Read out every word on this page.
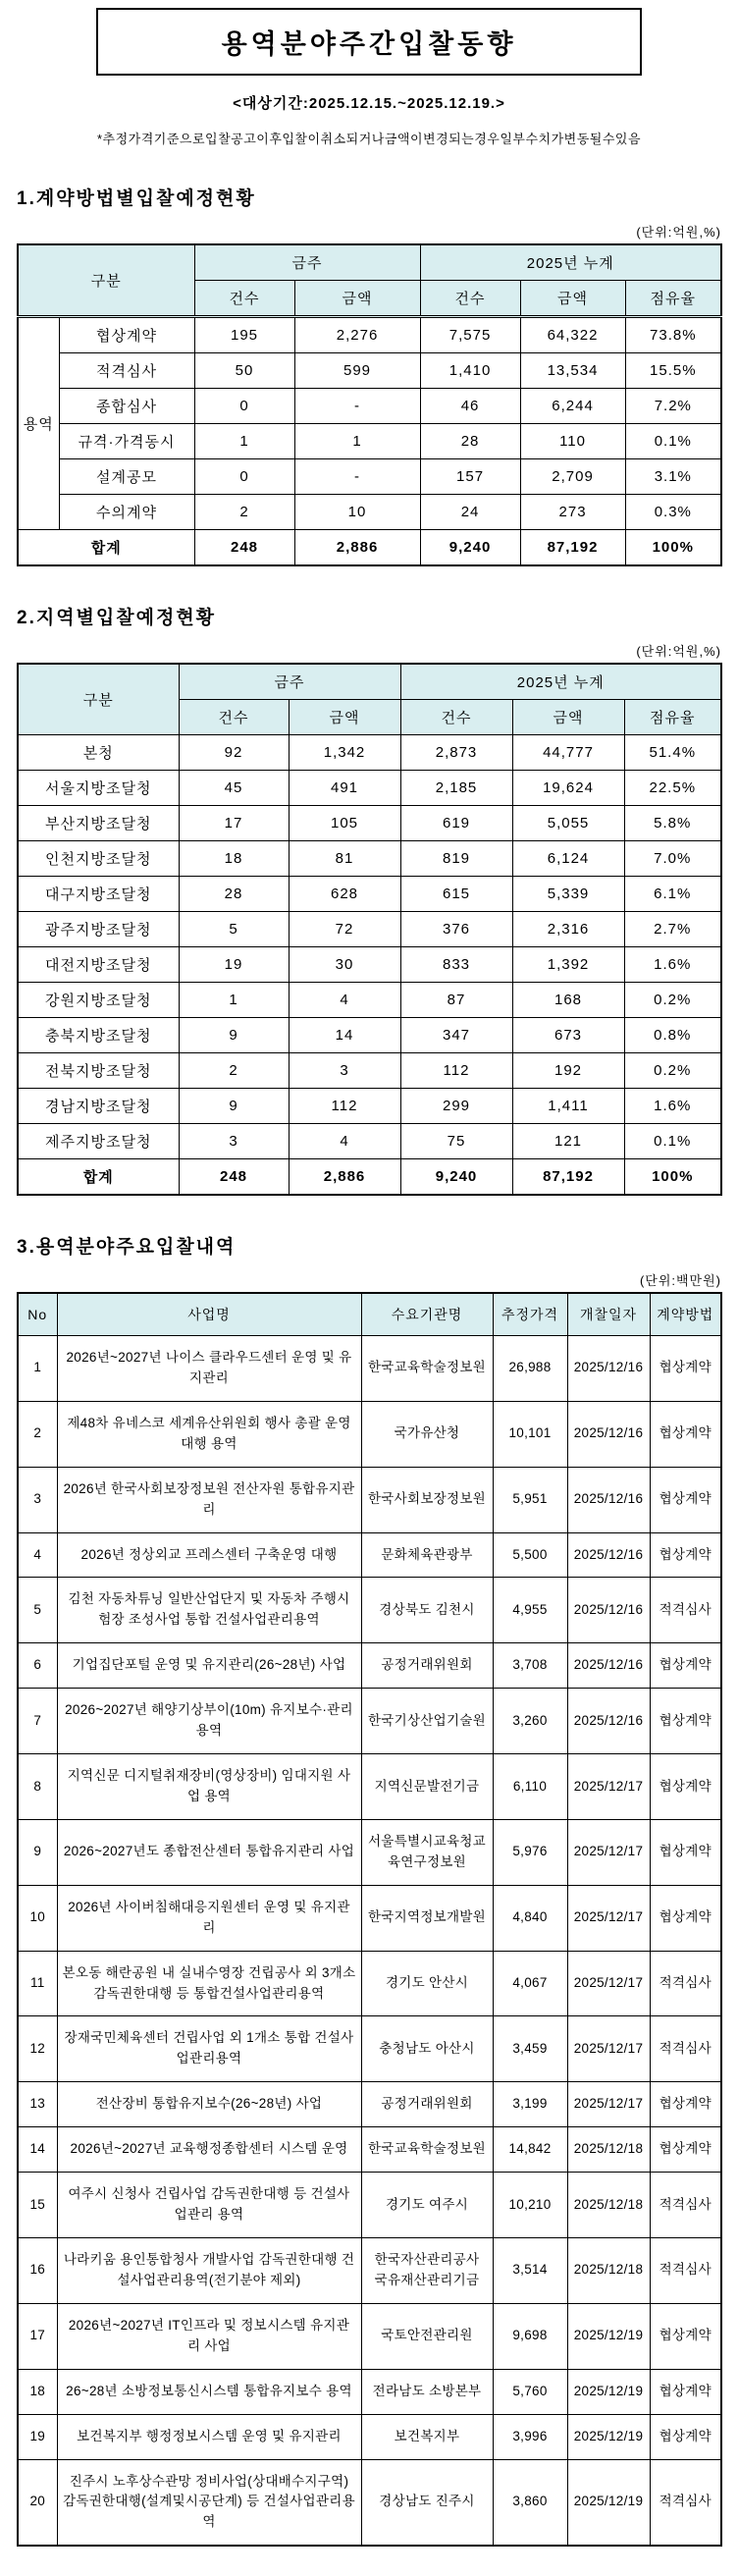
용역분야주간입찰동향
<대상기간:2025.12.15.~2025.12.19.>
*추정가격기준으로입찰공고이후입찰이취소되거나금액이변경되는경우일부수치가변동될수있음
1.계약방법별입찰예정현황
(단위:억원,%)
구분		금주		2025년 누계		
		건수	금액	건수	금액	점유율
용역	협상계약	195	2,276	7,575	64,322	73.8%
	적격심사	50	599	1,410	13,534	15.5%
	종합심사	0	-	46	6,244	7.2%
	규격·가격동시	1	1	28	110	0.1%
	설계공모	0	-	157	2,709	3.1%
	수의계약	2	10	24	273	0.3%
합계		248	2,886	9,240	87,192	100%
2.지역별입찰예정현황
(단위:억원,%)
구분	금주		2025년 누계		
	건수	금액	건수	금액	점유율
본청	92	1,342	2,873	44,777	51.4%
서울지방조달청	45	491	2,185	19,624	22.5%
부산지방조달청	17	105	619	5,055	5.8%
인천지방조달청	18	81	819	6,124	7.0%
대구지방조달청	28	628	615	5,339	6.1%
광주지방조달청	5	72	376	2,316	2.7%
대전지방조달청	19	30	833	1,392	1.6%
강원지방조달청	1	4	87	168	0.2%
충북지방조달청	9	14	347	673	0.8%
전북지방조달청	2	3	112	192	0.2%
경남지방조달청	9	112	299	1,411	1.6%
제주지방조달청	3	4	75	121	0.1%
합계	248	2,886	9,240	87,192	100%
3.용역분야주요입찰내역
(단위:백만원)
No	사업명	수요기관명	추정가격	개찰일자	계약방법
1	2026년~2027년 나이스 클라우드센터 운영 및 유지관리	한국교육학술정보원	26,988	2025/12/16	협상계약
2	제48차 유네스코 세계유산위원회 행사 총괄 운영 대행 용역	국가유산청	10,101	2025/12/16	협상계약
3	2026년 한국사회보장정보원 전산자원 통합유지관리	한국사회보장정보원	5,951	2025/12/16	협상계약
4	2026년 정상외교 프레스센터 구축운영 대행	문화체육관광부	5,500	2025/12/16	협상계약
5	김천 자동차튜닝 일반산업단지 및 자동차 주행시험장 조성사업 통합 건설사업관리용역	경상북도 김천시	4,955	2025/12/16	적격심사
6	기업집단포털 운영 및 유지관리(26~28년) 사업	공정거래위원회	3,708	2025/12/16	협상계약
7	2026~2027년 해양기상부이(10m) 유지보수·관리용역	한국기상산업기술원	3,260	2025/12/16	협상계약
8	지역신문 디지털취재장비(영상장비) 임대지원 사업 용역	지역신문발전기금	6,110	2025/12/17	협상계약
9	2026~2027년도 종합전산센터 통합유지관리 사업	서울특별시교육청교육연구정보원	5,976	2025/12/17	협상계약
10	2026년 사이버침해대응지원센터 운영 및 유지관리	한국지역정보개발원	4,840	2025/12/17	협상계약
11	본오동 해란공원 내 실내수영장 건립공사 외 3개소 감독권한대행 등 통합건설사업관리용역	경기도 안산시	4,067	2025/12/17	적격심사
12	장재국민체육센터 건립사업 외 1개소 통합 건설사업관리용역	충청남도 아산시	3,459	2025/12/17	적격심사
13	전산장비 통합유지보수(26~28년) 사업	공정거래위원회	3,199	2025/12/17	협상계약
14	2026년~2027년 교육행정종합센터 시스템 운영	한국교육학술정보원	14,842	2025/12/18	협상계약
15	여주시 신청사 건립사업 감독권한대행 등 건설사업관리 용역	경기도 여주시	10,210	2025/12/18	적격심사
16	나라키움 용인통합청사 개발사업 감독권한대행 건설사업관리용역(전기분야 제외)	한국자산관리공사 국유재산관리기금	3,514	2025/12/18	적격심사
17	2026년~2027년 IT인프라 및 정보시스템 유지관리 사업	국토안전관리원	9,698	2025/12/19	협상계약
18	26~28년 소방정보통신시스템 통합유지보수 용역	전라남도 소방본부	5,760	2025/12/19	협상계약
19	보건복지부 행정정보시스템 운영 및 유지관리	보건복지부	3,996	2025/12/19	협상계약
20	진주시 노후상수관망 정비사업(상대배수지구역) 감독권한대행(설계및시공단계) 등 건설사업관리용역	경상남도 진주시	3,860	2025/12/19	적격심사
